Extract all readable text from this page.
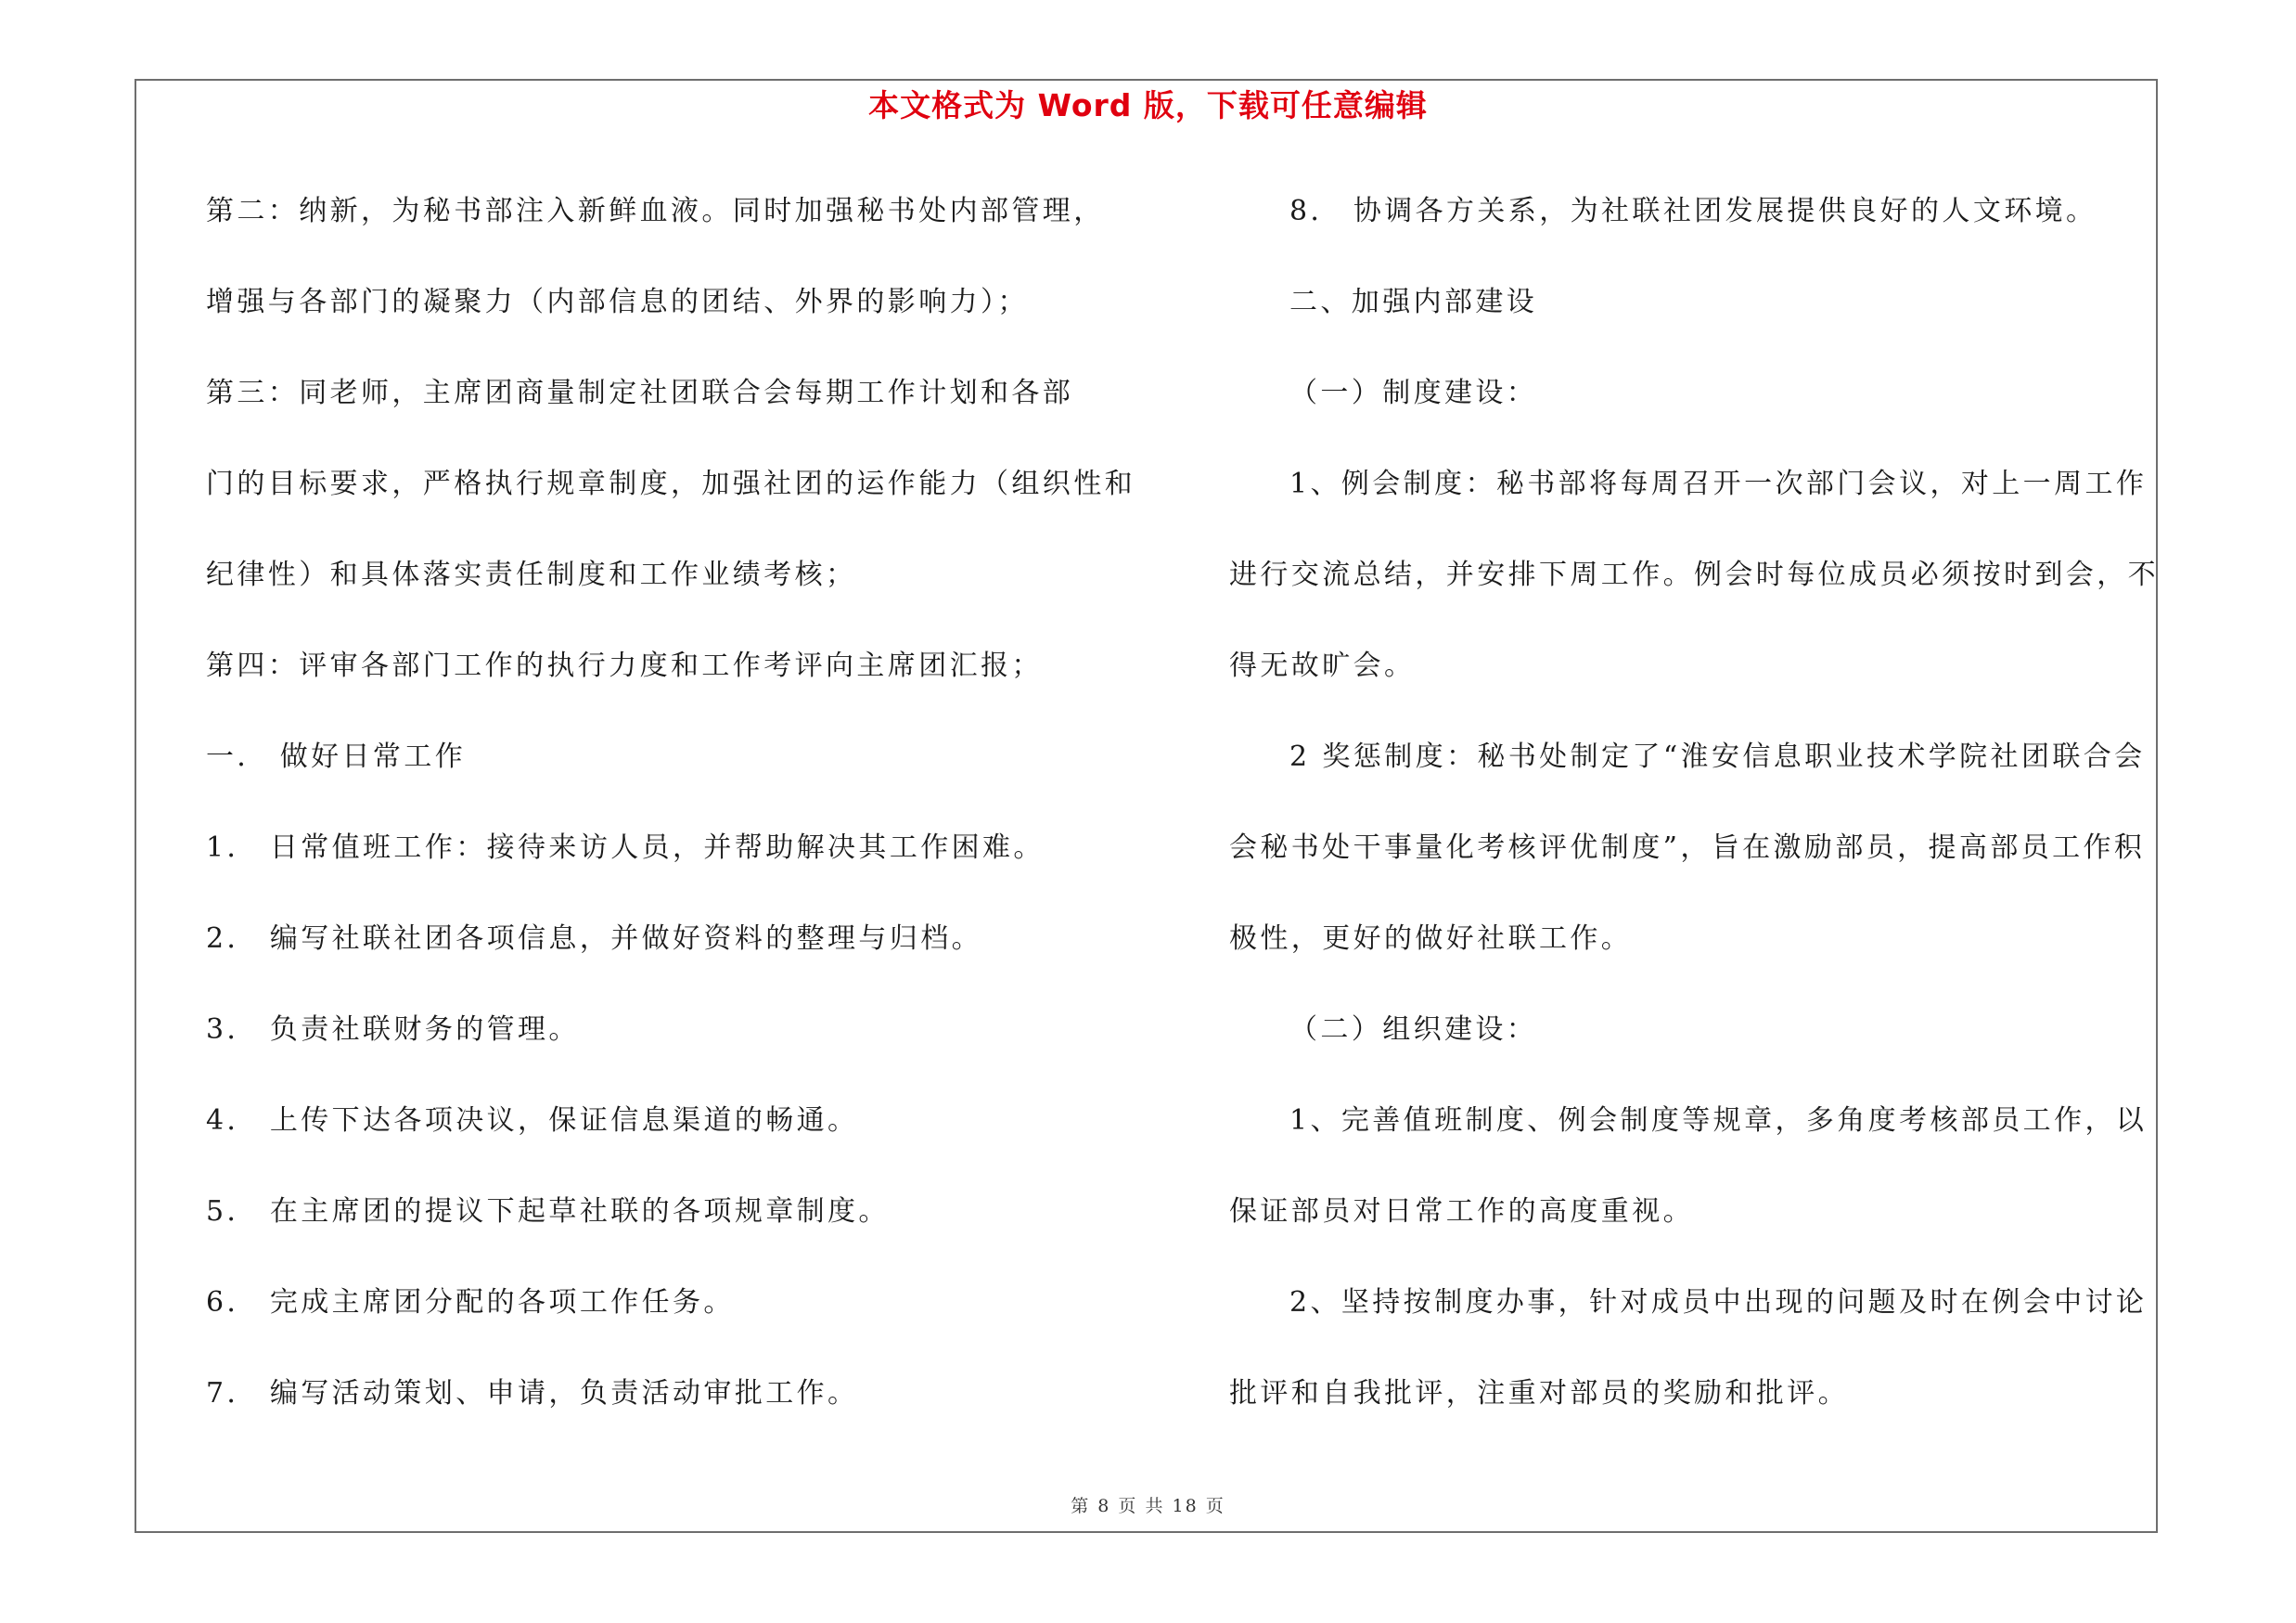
本文格式为 Word 版，下载可任意编辑
第二：纳新，为秘书部注入新鲜血液。同时加强秘书处内部管理，
增强与各部门的凝聚力（内部信息的团结、外界的影响力）；
第三：同老师，主席团商量制定社团联合会每期工作计划和各部
门的目标要求，严格执行规章制度，加强社团的运作能力（组织性和
纪律性）和具体落实责任制度和工作业绩考核；
第四：评审各部门工作的执行力度和工作考评向主席团汇报；
一． 做好日常工作
1． 日常值班工作：接待来访人员，并帮助解决其工作困难。
2． 编写社联社团各项信息，并做好资料的整理与归档。
3． 负责社联财务的管理。
4． 上传下达各项决议，保证信息渠道的畅通。
5． 在主席团的提议下起草社联的各项规章制度。
6． 完成主席团分配的各项工作任务。
7． 编写活动策划、申请，负责活动审批工作。
8． 协调各方关系，为社联社团发展提供良好的人文环境。
二、加强内部建设
（一）制度建设：
1、例会制度：秘书部将每周召开一次部门会议，对上一周工作
进行交流总结，并安排下周工作。例会时每位成员必须按时到会，不
得无故旷会。
2 奖惩制度：秘书处制定了“淮安信息职业技术学院社团联合会
会秘书处干事量化考核评优制度”，旨在激励部员，提高部员工作积
极性，更好的做好社联工作。
（二）组织建设：
1、完善值班制度、例会制度等规章，多角度考核部员工作，以
保证部员对日常工作的高度重视。
2、坚持按制度办事，针对成员中出现的问题及时在例会中讨论
批评和自我批评，注重对部员的奖励和批评。
第 8 页 共 18 页
